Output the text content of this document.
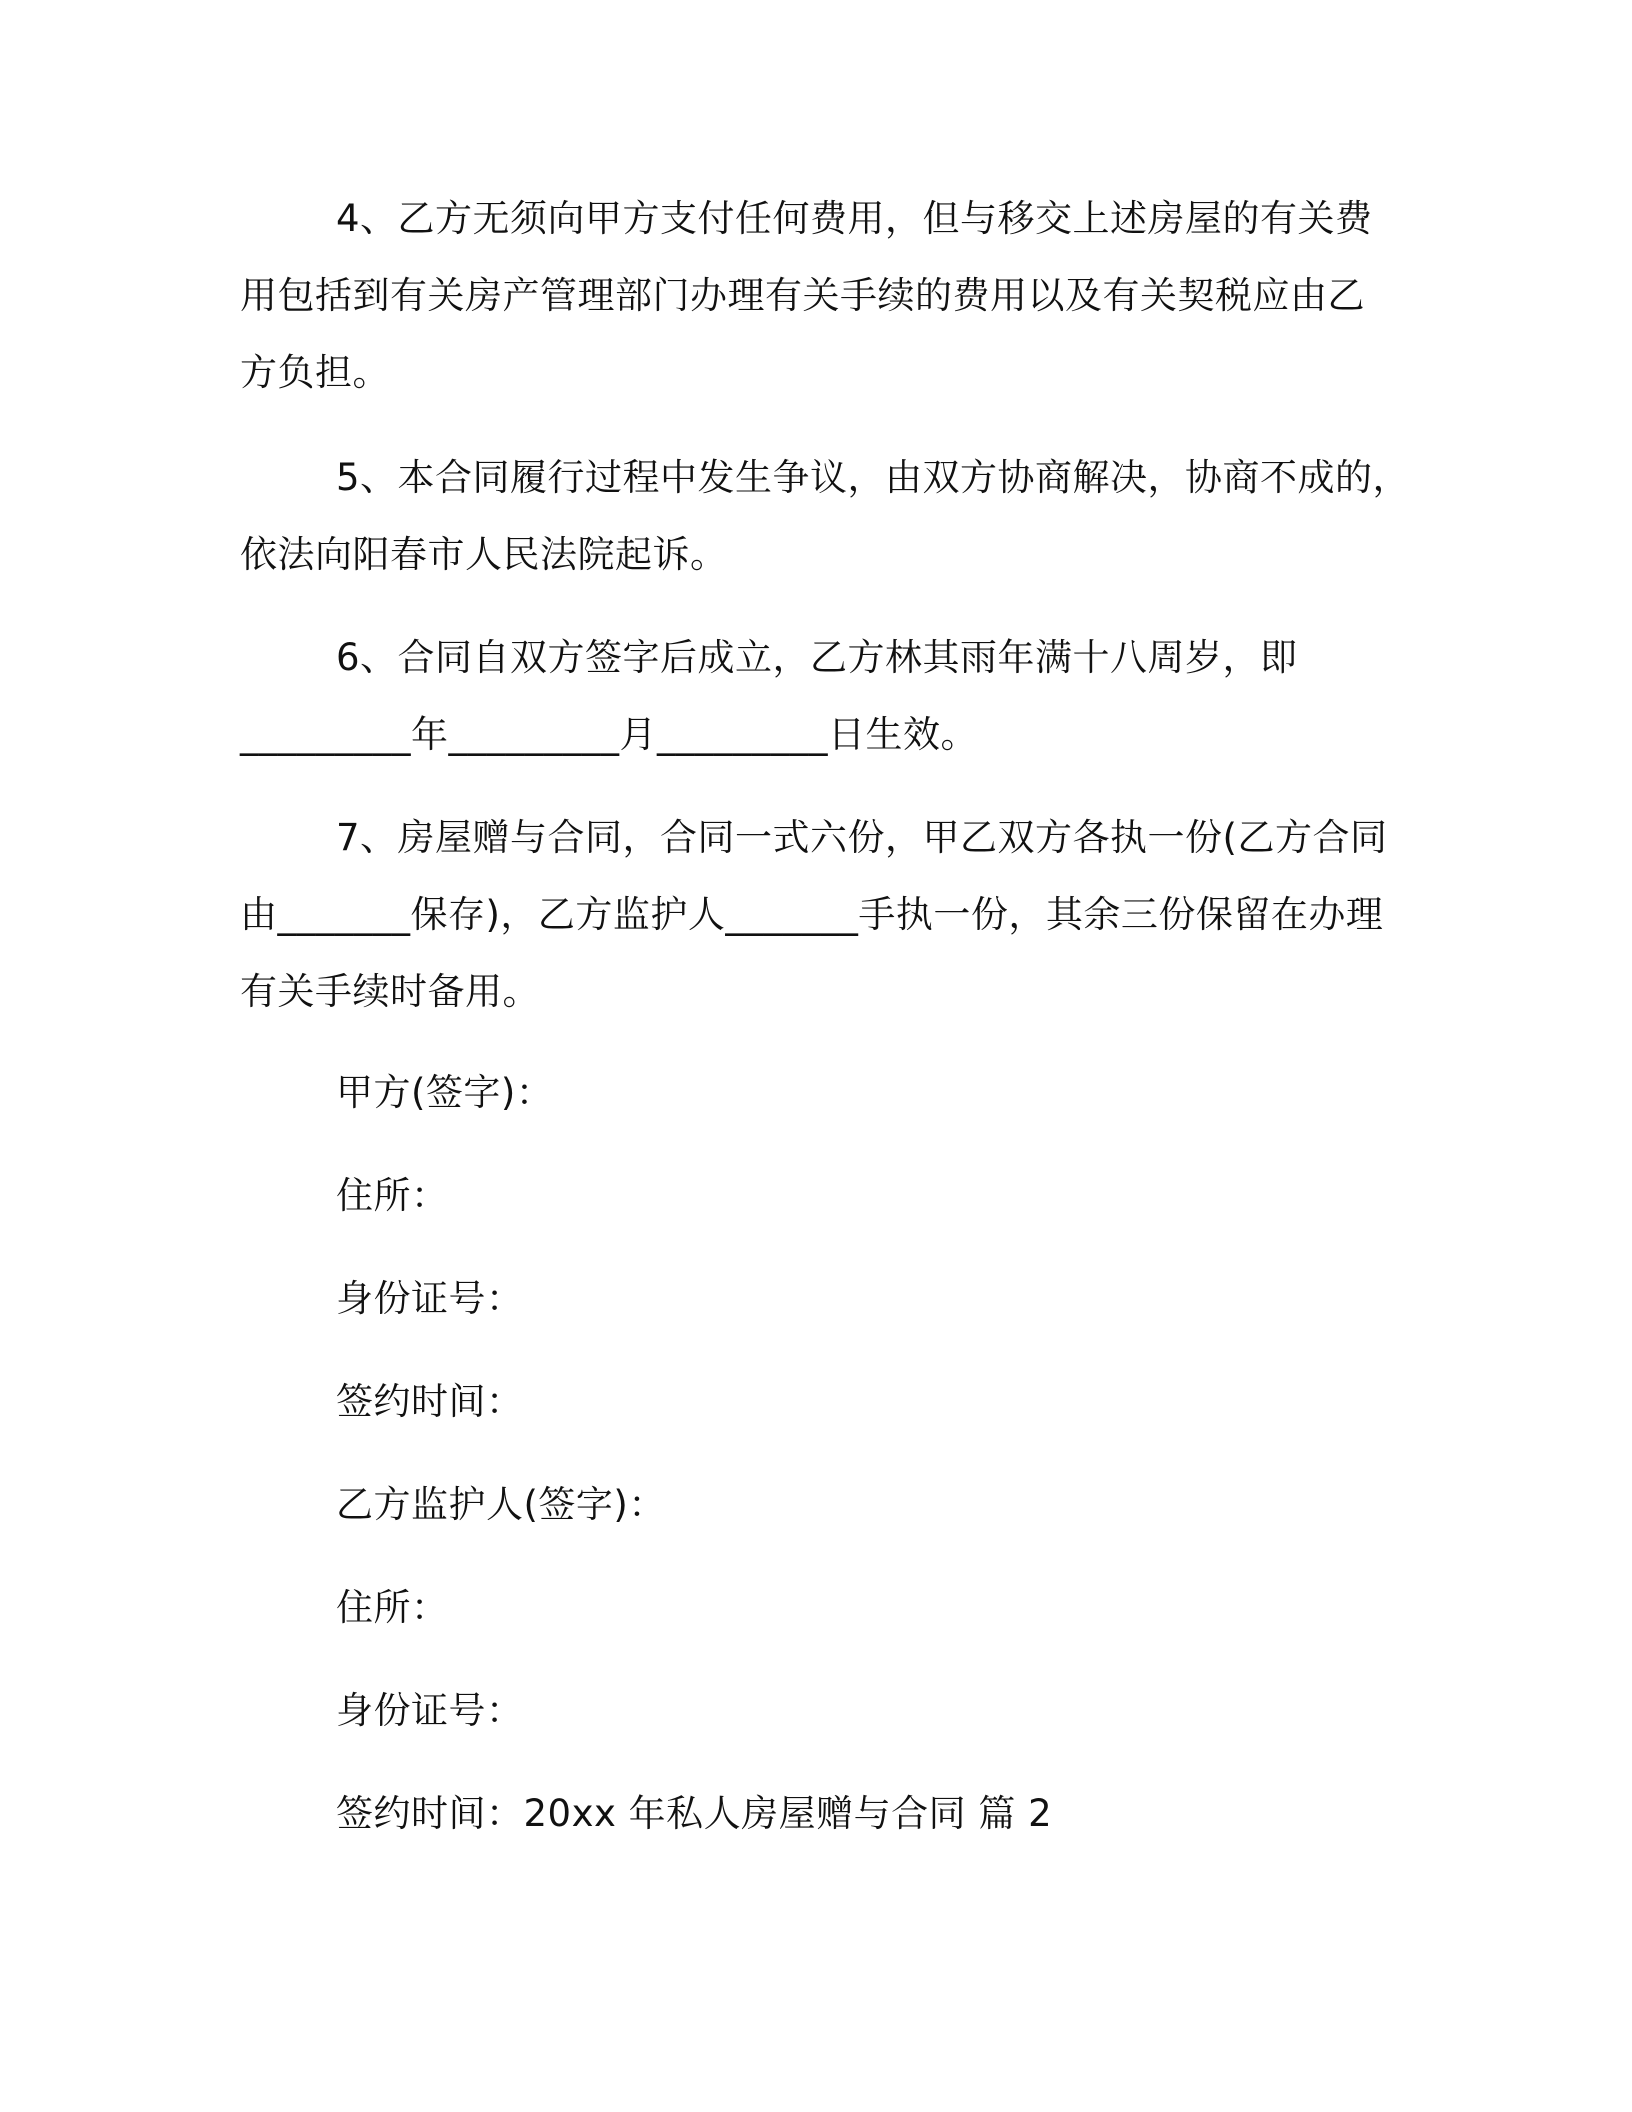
4、乙方无须向甲方支付任何费用，但与移交上述房屋的有关费
用包括到有关房产管理部门办理有关手续的费用以及有关契税应由乙
方负担。
5、本合同履行过程中发生争议，由双方协商解决，协商不成的，
依法向阳春市人民法院起诉。
6、合同自双方签字后成立，乙方林其雨年满十八周岁，即
_________年_________月_________日生效。
7、房屋赠与合同，合同一式六份，甲乙双方各执一份(乙方合同
由_______保存)，乙方监护人_______手执一份，其余三份保留在办理
有关手续时备用。
甲方(签字)：
住所：
身份证号：
签约时间：
乙方监护人(签字)：
住所：
身份证号：
签约时间：20xx 年私人房屋赠与合同 篇 2
